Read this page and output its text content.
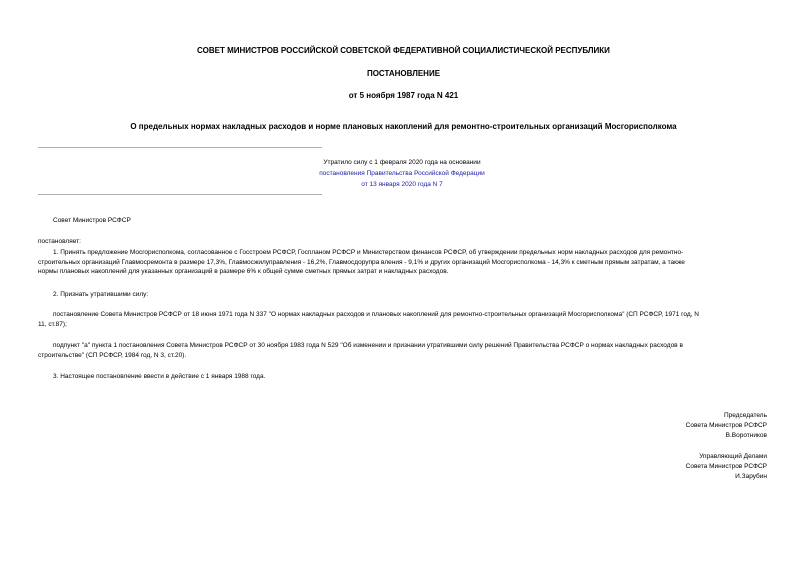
СОВЕТ МИНИСТРОВ РОССИЙСКОЙ СОВЕТСКОЙ ФЕДЕРАТИВНОЙ СОЦИАЛИСТИЧЕСКОЙ РЕСПУБЛИКИ
ПОСТАНОВЛЕНИЕ
от 5 ноября 1987 года N 421
О предельных нормах накладных расходов и норме плановых накоплений для ремонтно-строительных организаций Мосгорисполкома
Утратило силу с 1 февраля 2020 года на основании
постановления Правительства Российской Федерации
от 13 января 2020 года N 7
Совет Министров РСФСР
постановляет:
1. Принять предложение Мосгорисполкома, согласованное с Госстроем РСФСР, Госпланом РСФСР и Министерством финансов РСФСР, об утверждении предельных норм накладных расходов для ремонтно-
строительных организаций Главмосремонта в размере 17,3%, Главмосжилуправления - 16,2%, Главмосдорупра вления - 9,1% и других организаций Мосгорисполкома - 14,3% к сметным прямым затратам, а также
нормы плановых накоплений для указанных организаций в размере 6% к общей сумме сметных прямых затрат и накладных расходов.
2. Признать утратившими силу:
постановление Совета Министров РСФСР от 18 июня 1971 года N 337 "О нормах накладных расходов и плановых накоплений для ремонтно-строительных организаций Мосгорисполкома" (СП РСФСР, 1971 год, N
11, ст.87);
подпункт "а" пункта 1 постановления Совета Министров РСФСР от 30 ноября 1983 года N 529 "Об изменении и признании утратившими силу решений Правительства РСФСР о нормах накладных расходов в
строительстве" (СП РСФСР, 1984 год, N 3, ст.20).
3. Настоящее постановление ввести в действие с 1 января 1988 года.
Председатель
Совета Министров РСФСР
В.Воротников
Управляющий Делами
Совета Министров РСФСР
И.Зарубин
